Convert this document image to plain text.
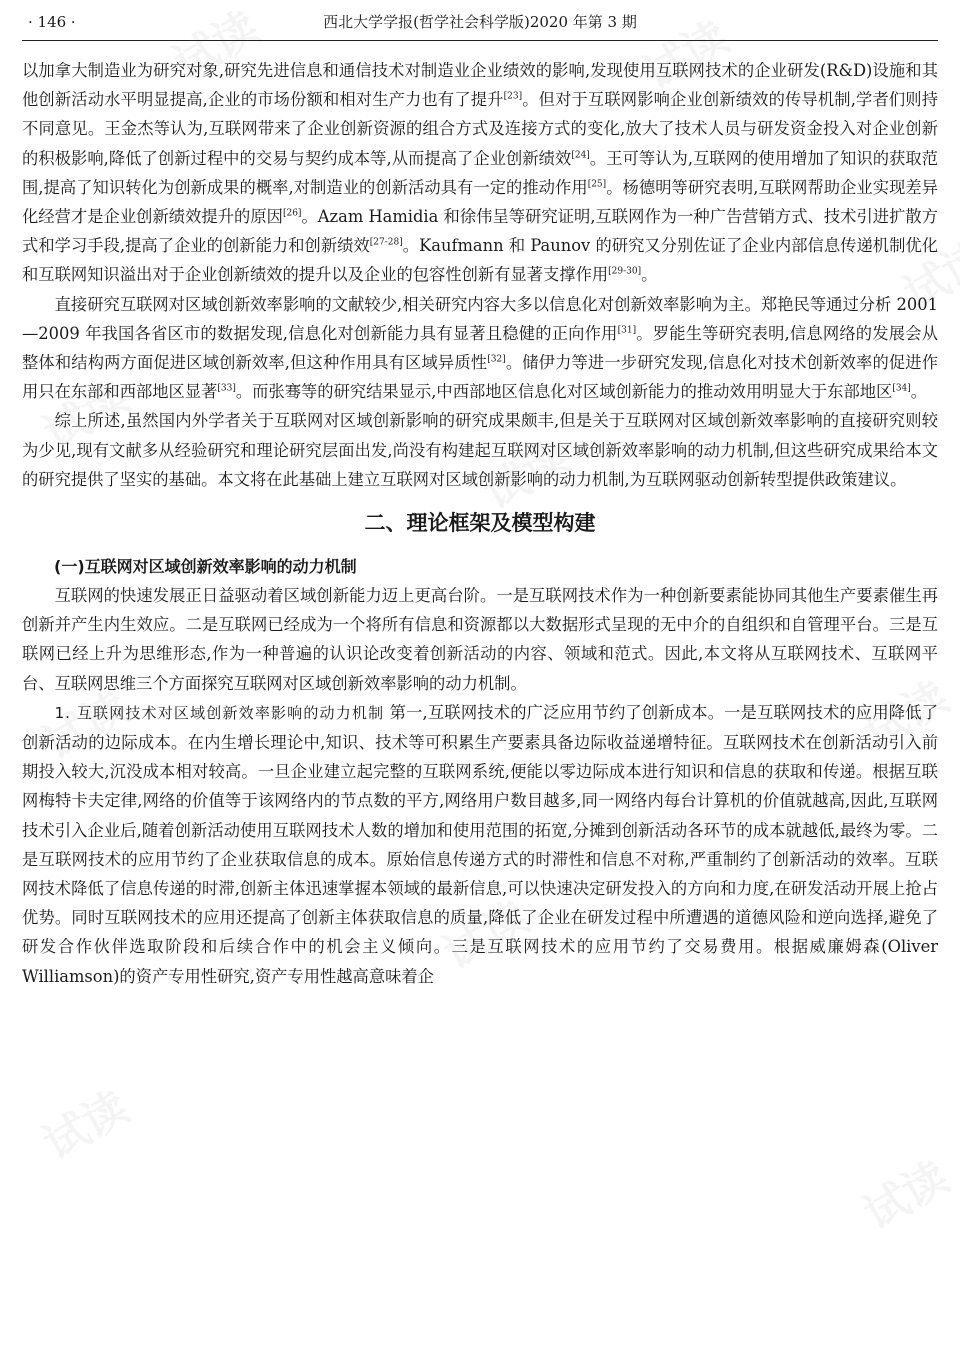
· 146 ·	西北大学学报(哲学社会科学版)2020 年第 3 期

以加拿大制造业为研究对象,研究先进信息和通信技术对制造业企业绩效的影响,发现使用互联网技术的企业研发(R&D)设施和其他创新活动水平明显提高,企业的市场份额和相对生产力也有了提升[23]。但对于互联网影响企业创新绩效的传导机制,学者们则持不同意见。王金杰等认为,互联网带来了企业创新资源的组合方式及连接方式的变化,放大了技术人员与研发资金投入对企业创新的积极影响,降低了创新过程中的交易与契约成本等,从而提高了企业创新绩效[24]。王可等认为,互联网的使用增加了知识的获取范围,提高了知识转化为创新成果的概率,对制造业的创新活动具有一定的推动作用[25]。杨德明等研究表明,互联网帮助企业实现差异化经营才是企业创新绩效提升的原因[26]。Azam Hamidia 和徐伟呈等研究证明,互联网作为一种广告营销方式、技术引进扩散方式和学习手段,提高了企业的创新能力和创新绩效[27-28]。Kaufmann 和 Paunov 的研究又分别佐证了企业内部信息传递机制优化和互联网知识溢出对于企业创新绩效的提升以及企业的包容性创新有显著支撑作用[29-30]。

直接研究互联网对区域创新效率影响的文献较少,相关研究内容大多以信息化对创新效率影响为主。郑艳民等通过分析 2001—2009 年我国各省区市的数据发现,信息化对创新能力具有显著且稳健的正向作用[31]。罗能生等研究表明,信息网络的发展会从整体和结构两方面促进区域创新效率,但这种作用具有区域异质性[32]。储伊力等进一步研究发现,信息化对技术创新效率的促进作用只在东部和西部地区显著[33]。而张骞等的研究结果显示,中西部地区信息化对区域创新能力的推动效用明显大于东部地区[34]。

综上所述,虽然国内外学者关于互联网对区域创新影响的研究成果颇丰,但是关于互联网对区域创新效率影响的直接研究则较为少见,现有文献多从经验研究和理论研究层面出发,尚没有构建起互联网对区域创新效率影响的动力机制,但这些研究成果给本文的研究提供了坚实的基础。本文将在此基础上建立互联网对区域创新影响的动力机制,为互联网驱动创新转型提供政策建议。

二、理论框架及模型构建
(一)互联网对区域创新效率影响的动力机制

互联网的快速发展正日益驱动着区域创新能力迈上更高台阶。一是互联网技术作为一种创新要素能协同其他生产要素催生再创新并产生内生效应。二是互联网已经成为一个将所有信息和资源都以大数据形式呈现的无中介的自组织和自管理平台。三是互联网已经上升为思维形态,作为一种普遍的认识论改变着创新活动的内容、领域和范式。因此,本文将从互联网技术、互联网平台、互联网思维三个方面探究互联网对区域创新效率影响的动力机制。

1. 互联网技术对区域创新效率影响的动力机制 第一,互联网技术的广泛应用节约了创新成本。一是互联网技术的应用降低了创新活动的边际成本。在内生增长理论中,知识、技术等可积累生产要素具备边际收益递增特征。互联网技术在创新活动引入前期投入较大,沉没成本相对较高。一旦企业建立起完整的互联网系统,便能以零边际成本进行知识和信息的获取和传递。根据互联网梅特卡夫定律,网络的价值等于该网络内的节点数的平方,网络用户数目越多,同一网络内每台计算机的价值就越高,因此,互联网技术引入企业后,随着创新活动使用互联网技术人数的增加和使用范围的拓宽,分摊到创新活动各环节的成本就越低,最终为零。二是互联网技术的应用节约了企业获取信息的成本。原始信息传递方式的时滞性和信息不对称,严重制约了创新活动的效率。互联网技术降低了信息传递的时滞,创新主体迅速掌握本领域的最新信息,可以快速决定研发投入的方向和力度,在研发活动开展上抢占优势。同时互联网技术的应用还提高了创新主体获取信息的质量,降低了企业在研发过程中所遭遇的道德风险和逆向选择,避免了研发合作伙伴选取阶段和后续合作中的机会主义倾向。三是互联网技术的应用节约了交易费用。根据威廉姆森(Oliver Williamson)的资产专用性研究,资产专用性越高意味着企
